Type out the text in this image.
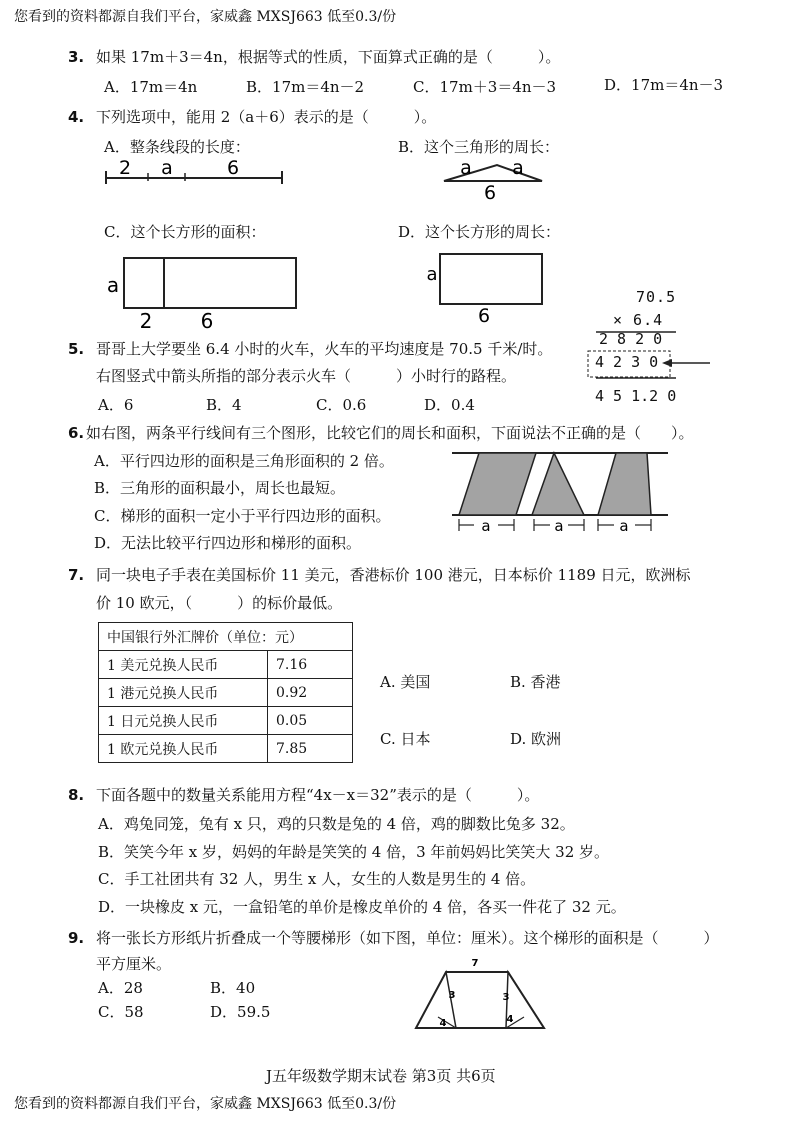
您看到的资料都源自我们平台，家威鑫 MXSJ663 低至0.3/份
3. 如果 17m＋3＝4n，根据等式的性质，下面算式正确的是（　　　）。
A．17m＝4n	B．17m＝4n－2	C．17m＋3＝4n－3	D．17m＝4n－3
4. 下列选项中，能用 2（a＋6）表示的是（　　　）。
A．整条线段的长度：	B．这个三角形的周长：
2 a	6	a a
6
C．这个长方形的面积：	D．这个长方形的周长：
a
2 6
a
6
70.5
× 6.4
2 8 2 0
4 2 3 0
4 5 1.2 0
5. 哥哥上大学要坐 6.4 小时的火车，火车的平均速度是 70.5 千米/时。
右图竖式中箭头所指的部分表示火车（　　　）小时行的路程。
A．6	B．4	C．0.6	D．0.4
6. 如右图，两条平行线间有三个图形，比较它们的周长和面积，下面说法不正确的是（　　）。
A．平行四边形的面积是三角形面积的 2 倍。
B．三角形的面积最小，周长也最短。
C．梯形的面积一定小于平行四边形的面积。
D．无法比较平行四边形和梯形的面积。
a	a	a
7. 同一块电子手表在美国标价 11 美元，香港标价 100 港元，日本标价 1189 日元，欧洲标
价 10 欧元，（　　　）的标价最低。
中国银行外汇牌价（单位：元）	
1 美元兑换人民币	7.16
1 港元兑换人民币	0.92
1 日元兑换人民币	0.05
1 欧元兑换人民币	7.85
A. 美国	B. 香港
C. 日本	D. 欧洲
8. 下面各题中的数量关系能用方程“4x－x＝32”表示的是（　　　）。
A．鸡兔同笼，兔有 x 只，鸡的只数是兔的 4 倍，鸡的脚数比兔多 32。
B．笑笑今年 x 岁，妈妈的年龄是笑笑的 4 倍，3 年前妈妈比笑笑大 32 岁。
C．手工社团共有 32 人，男生 x 人，女生的人数是男生的 4 倍。
D．一块橡皮 x 元，一盒铅笔的单价是橡皮单价的 4 倍，各买一件花了 32 元。
9. 将一张长方形纸片折叠成一个等腰梯形（如下图，单位：厘米）。这个梯形的面积是（　　　）
平方厘米。
A．28	B．40
C．58	D．59.5
7
3	3
4	4
J五年级数学期末试卷 第3页 共6页
您看到的资料都源自我们平台，家威鑫 MXSJ663 低至0.3/份
